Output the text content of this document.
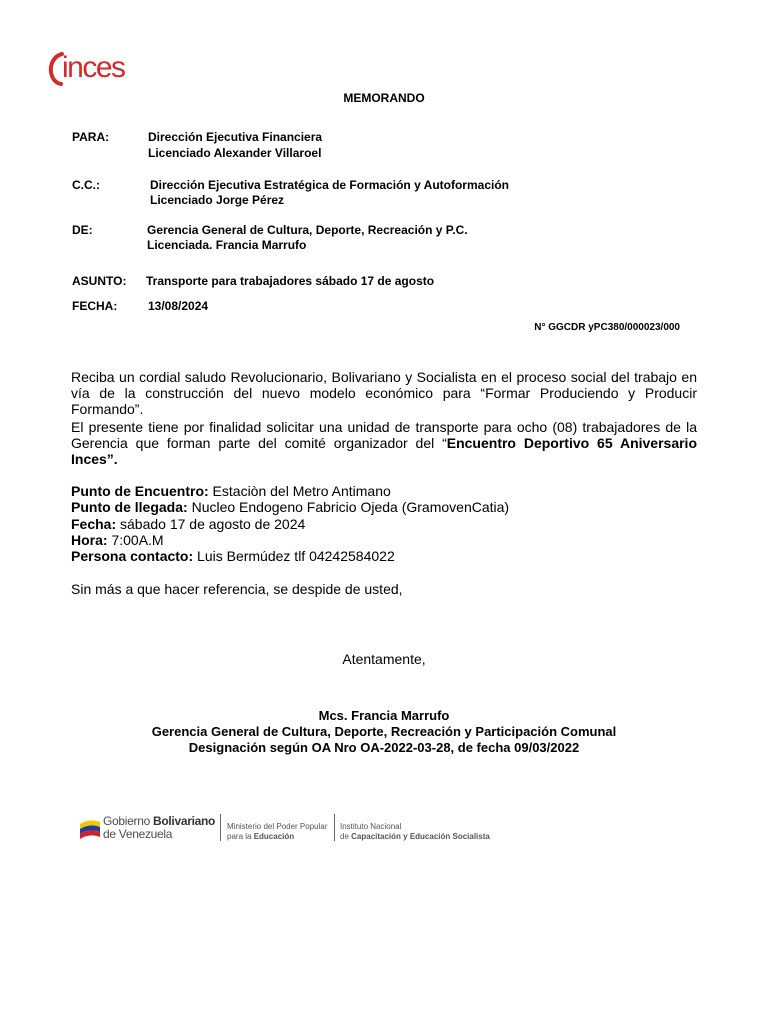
inces
MEMORANDO
PARA:	Dirección Ejecutiva Financiera
Licenciado Alexander Villaroel
C.C.:	Dirección Ejecutiva Estratégica de Formación y Autoformación
Licenciado Jorge Pérez
DE:	Gerencia General de Cultura, Deporte, Recreación y P.C.
Licenciada. Francia Marrufo
ASUNTO: Transporte para trabajadores sábado 17 de agosto
FECHA:	13/08/2024
N° GGCDR yPC380/000023/000
Reciba un cordial saludo Revolucionario, Bolivariano y Socialista en el proceso social del trabajo en vía de la construcción del nuevo modelo económico para “Formar Produciendo y Producir Formando”.
El presente tiene por finalidad solicitar una unidad de transporte para ocho (08) trabajadores de la Gerencia que forman parte del comité organizador del “Encuentro Deportivo 65 Aniversario Inces”.
Punto de Encuentro: Estaciòn del Metro Antimano
Punto de llegada: Nucleo Endogeno Fabricio Ojeda (GramovenCatia)
Fecha: sábado 17 de agosto de 2024
Hora: 7:00A.M
Persona contacto: Luis Bermúdez tlf 04242584022
Sin más a que hacer referencia, se despide de usted,
Atentamente,
Mcs. Francia Marrufo
Gerencia General de Cultura, Deporte, Recreación y Participación Comunal
Designación según OA Nro OA-2022-03-28, de fecha 09/03/2022
Gobierno Bolivariano
de Venezuela
Ministerio del Poder Popular
para la Educación
Instituto Nacional
de Capacitación y Educación Socialista
